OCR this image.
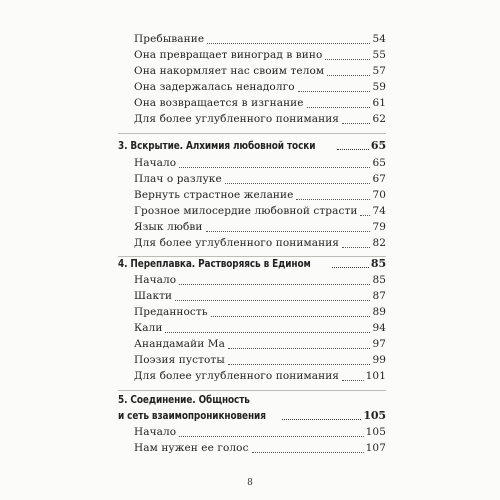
Пребывание	54
Она превращает виноград в вино	55
Она накормляет нас своим телом	57
Она задержалась ненадолго	59
Она возвращается в изгнание	61
Для более углубленного понимания	62
3. Вскрытие. Алхимия любовной тоски	65
Начало	65
Плач о разлуке	67
Вернуть страстное желание	70
Грозное милосердие любовной страсти 74
Язык любви	79
Для более углубленного понимания	82
4. Переплавка. Растворяясь в Едином	85
Начало	85
Шакти	87
Преданность	89
Кали	94
Анандамайи Ма	97
Поэзия пустоты	99
Для более углубленного понимания	101
5. Соединение. Общность
и сеть взаимопроникновения	105
Начало	105
Нам нужен ее голос	107
8
